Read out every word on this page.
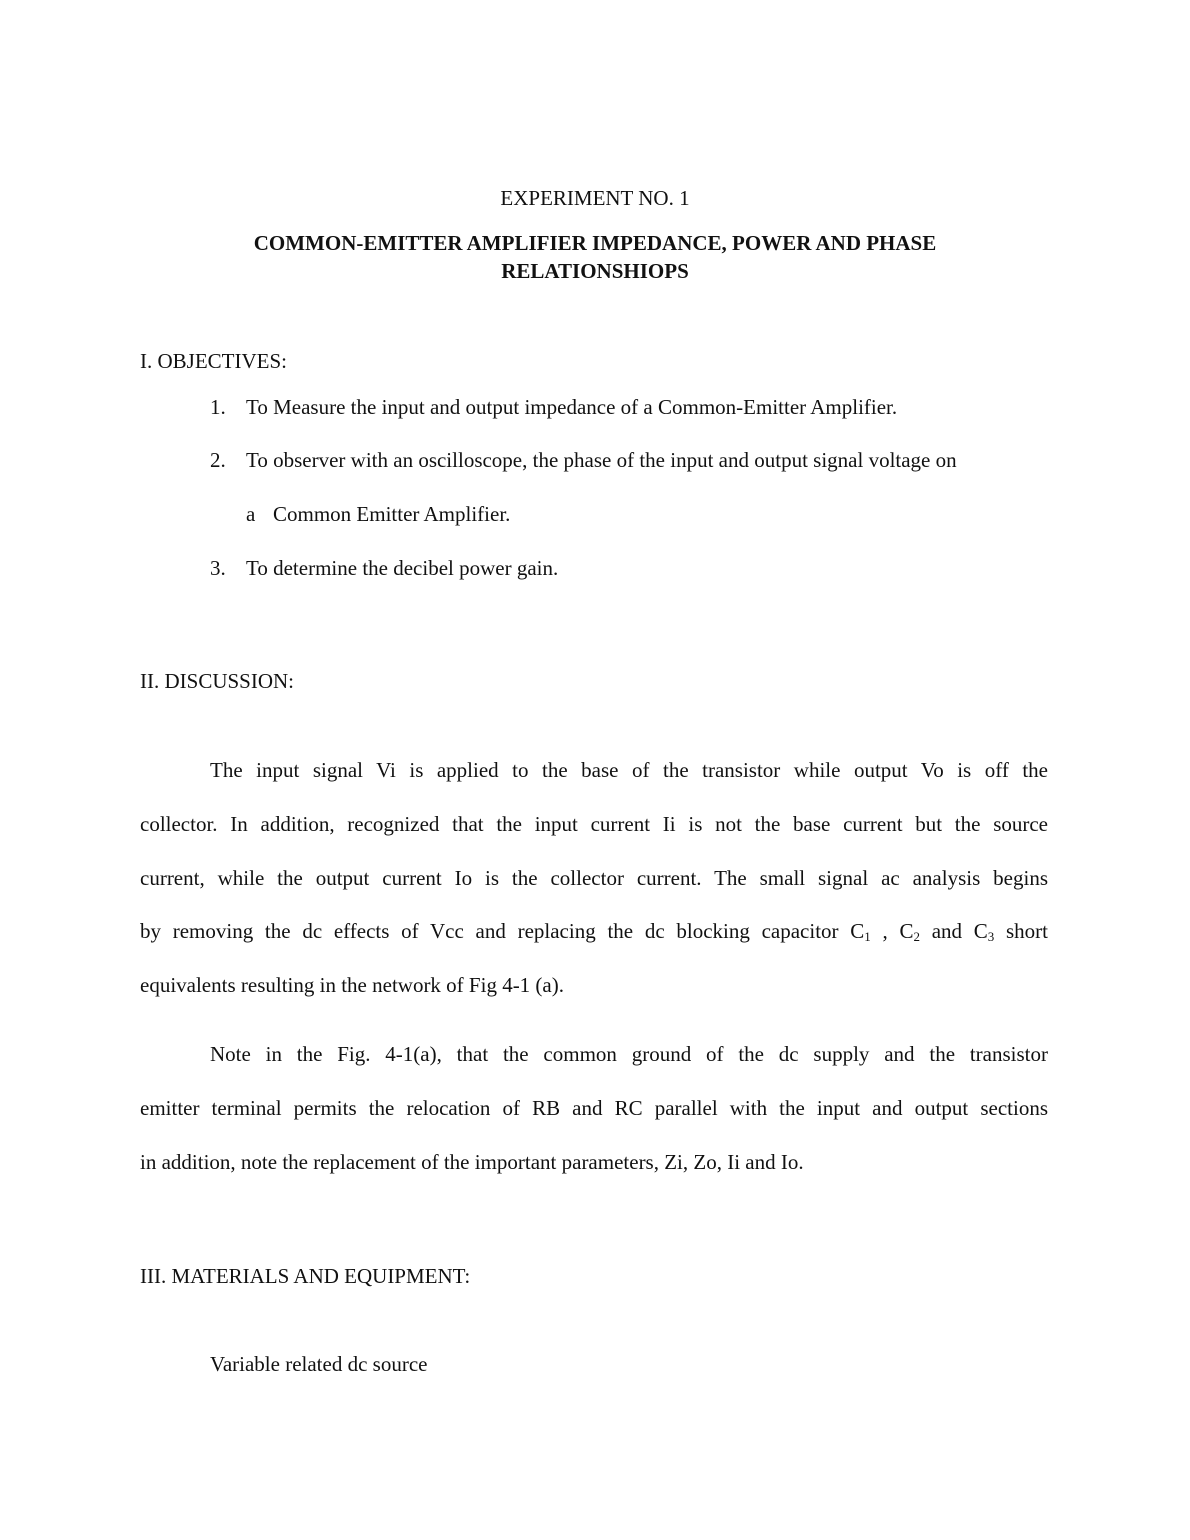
EXPERIMENT NO. 1
COMMON-EMITTER AMPLIFIER IMPEDANCE, POWER AND PHASE
RELATIONSHIOPS
I. OBJECTIVES:
1. To Measure the input and output impedance of a Common-Emitter Amplifier.
2. To observer with an oscilloscope, the phase of the input and output signal voltage on
a Common Emitter Amplifier.
3. To determine the decibel power gain.
II. DISCUSSION:
The input signal Vi is applied to the base of the transistor while output Vo is off the
collector. In addition, recognized that the input current Ii is not the base current but the source
current, while the output current Io is the collector current. The small signal ac analysis begins
by removing the dc effects of Vcc and replacing the dc blocking capacitor $C_1$ , $C_2$ and $C_3$ short
equivalents resulting in the network of Fig 4-1 (a).
Note in the Fig. 4-1(a), that the common ground of the dc supply and the transistor
emitter terminal permits the relocation of RB and RC parallel with the input and output sections
in addition, note the replacement of the important parameters, Zi, Zo, Ii and Io.
III. MATERIALS AND EQUIPMENT:
Variable related dc source
